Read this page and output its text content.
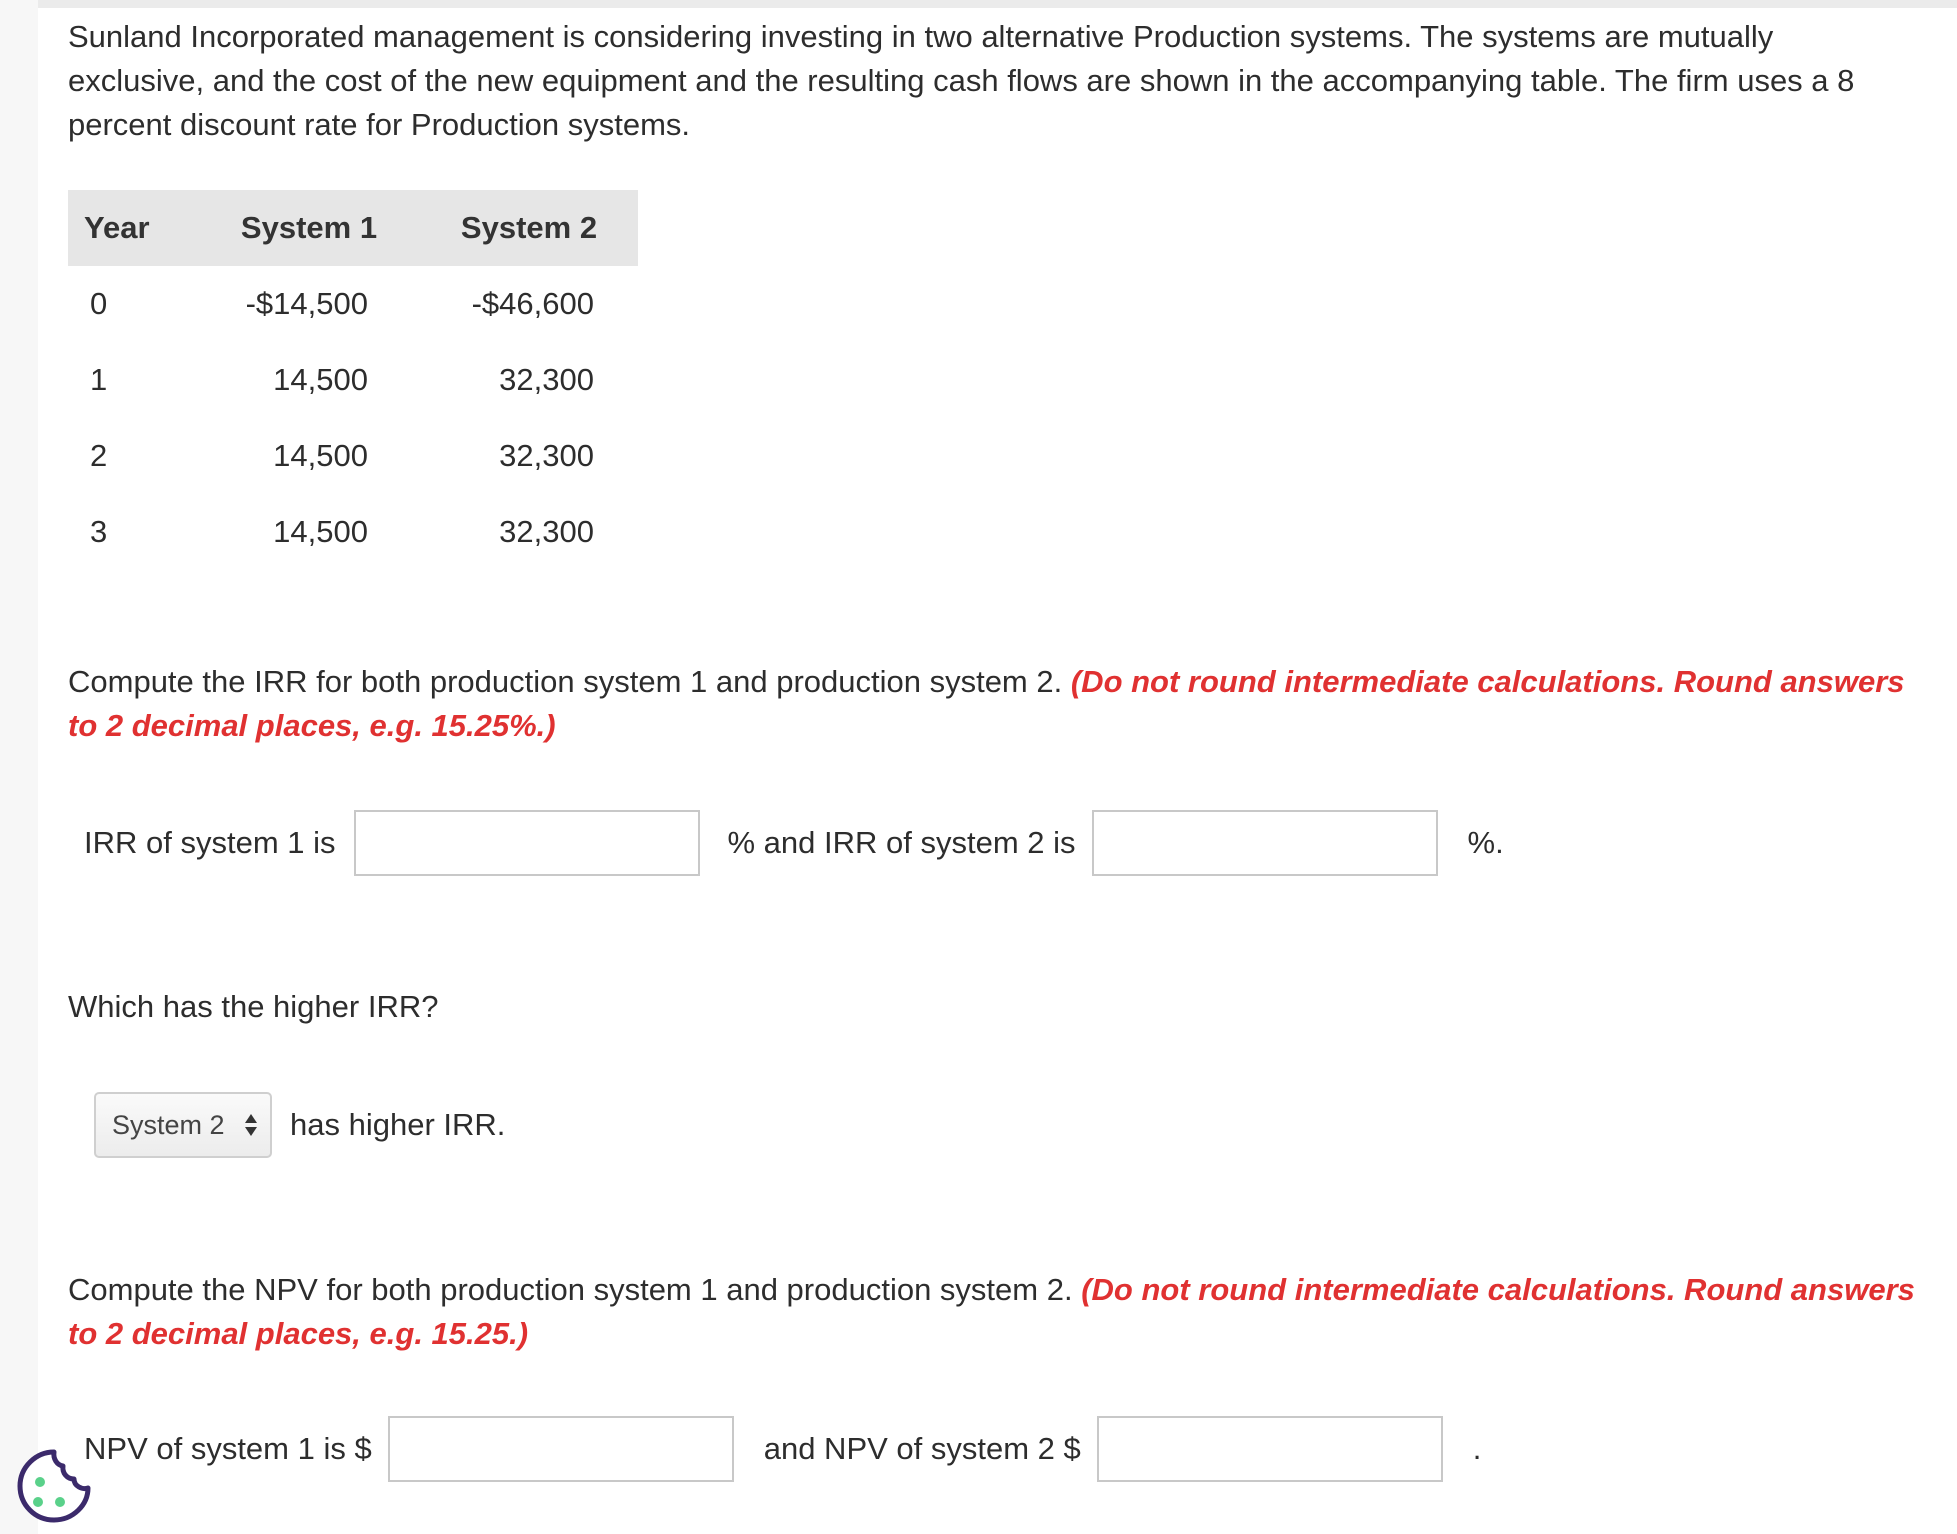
Sunland Incorporated management is considering investing in two alternative Production systems. The systems are mutually exclusive, and the cost of the new equipment and the resulting cash flows are shown in the accompanying table. The firm uses a 8 percent discount rate for Production systems.

Year	System 1	System 2
0	-$14,500	-$46,600
1	14,500	32,300
2	14,500	32,300
3	14,500	32,300

Compute the IRR for both production system 1 and production system 2. (Do not round intermediate calculations. Round answers to 2 decimal places, e.g. 15.25%.)

IRR of system 1 is	% and IRR of system 2 is	%.

Which has the higher IRR?

System 2 has higher IRR.

Compute the NPV for both production system 1 and production system 2. (Do not round intermediate calculations. Round answers to 2 decimal places, e.g. 15.25.)

NPV of system 1 is $	and NPV of system 2 $	.
